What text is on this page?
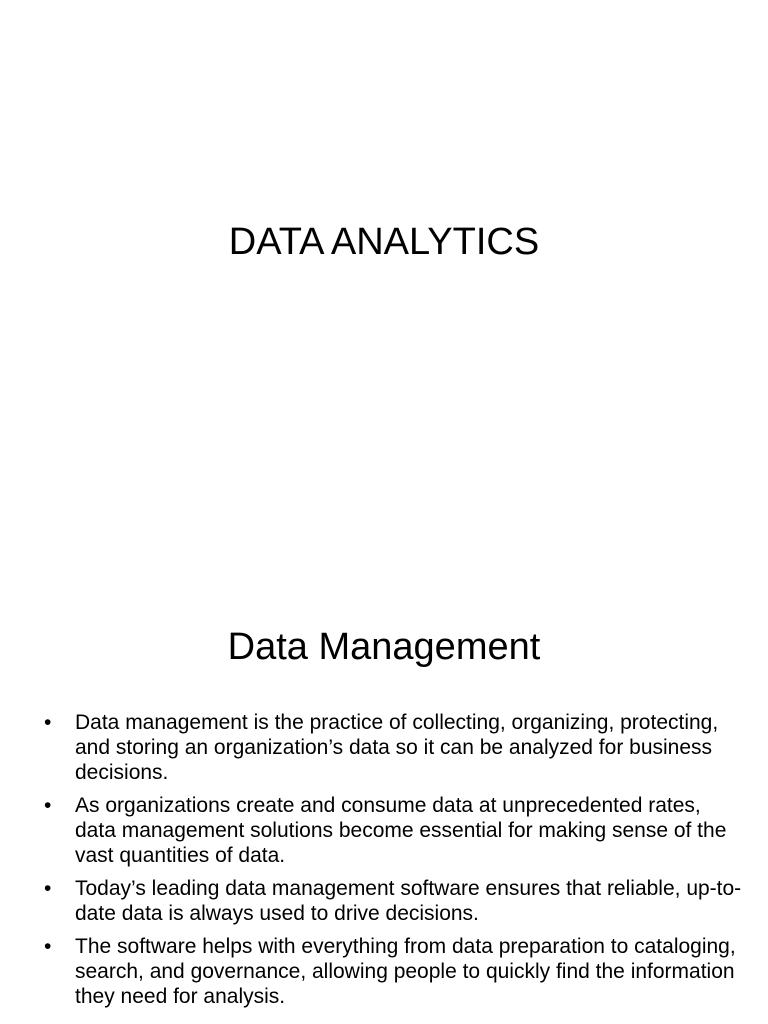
DATA ANALYTICS
Data Management
• Data management is the practice of collecting, organizing, protecting, and storing an organization’s data so it can be analyzed for business decisions.
• As organizations create and consume data at unprecedented rates, data management solutions become essential for making sense of the vast quantities of data.
• Today’s leading data management software ensures that reliable, up-to-date data is always used to drive decisions.
• The software helps with everything from data preparation to cataloging, search, and governance, allowing people to quickly find the information they need for analysis.
